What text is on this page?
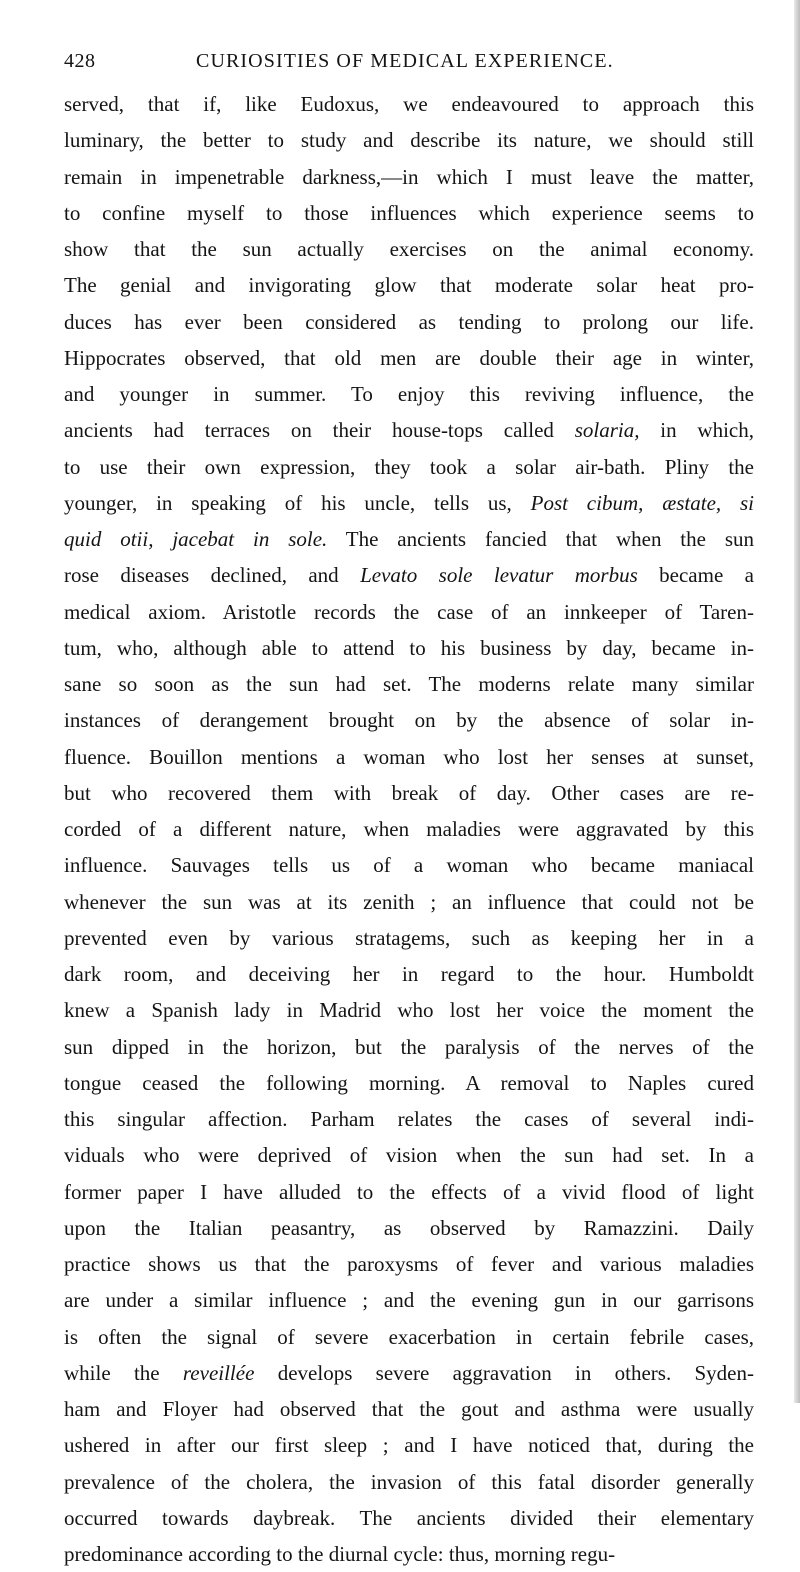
428	CURIOSITIES OF MEDICAL EXPERIENCE.
served, that if, like Eudoxus, we endeavoured to approach this
luminary, the better to study and describe its nature, we should still
remain in impenetrable darkness,—in which I must leave the matter,
to confine myself to those influences which experience seems to
show that the sun actually exercises on the animal economy.
The genial and invigorating glow that moderate solar heat pro-
duces has ever been considered as tending to prolong our life.
Hippocrates observed, that old men are double their age in winter,
and younger in summer. To enjoy this reviving influence, the
ancients had terraces on their house-tops called solaria, in which,
to use their own expression, they took a solar air-bath. Pliny the
younger, in speaking of his uncle, tells us, Post cibum, æstate, si
quid otii, jacebat in sole. The ancients fancied that when the sun
rose diseases declined, and Levato sole levatur morbus became a
medical axiom. Aristotle records the case of an innkeeper of Taren-
tum, who, although able to attend to his business by day, became in-
sane so soon as the sun had set. The moderns relate many similar
instances of derangement brought on by the absence of solar in-
fluence. Bouillon mentions a woman who lost her senses at sunset,
but who recovered them with break of day. Other cases are re-
corded of a different nature, when maladies were aggravated by this
influence. Sauvages tells us of a woman who became maniacal
whenever the sun was at its zenith ; an influence that could not be
prevented even by various stratagems, such as keeping her in a
dark room, and deceiving her in regard to the hour. Humboldt
knew a Spanish lady in Madrid who lost her voice the moment the
sun dipped in the horizon, but the paralysis of the nerves of the
tongue ceased the following morning. A removal to Naples cured
this singular affection. Parham relates the cases of several indi-
viduals who were deprived of vision when the sun had set. In a
former paper I have alluded to the effects of a vivid flood of light
upon the Italian peasantry, as observed by Ramazzini. Daily
practice shows us that the paroxysms of fever and various maladies
are under a similar influence ; and the evening gun in our garrisons
is often the signal of severe exacerbation in certain febrile cases,
while the reveillée develops severe aggravation in others. Syden-
ham and Floyer had observed that the gout and asthma were usually
ushered in after our first sleep ; and I have noticed that, during the
prevalence of the cholera, the invasion of this fatal disorder generally
occurred towards daybreak. The ancients divided their elementary
predominance according to the diurnal cycle: thus, morning regu-
